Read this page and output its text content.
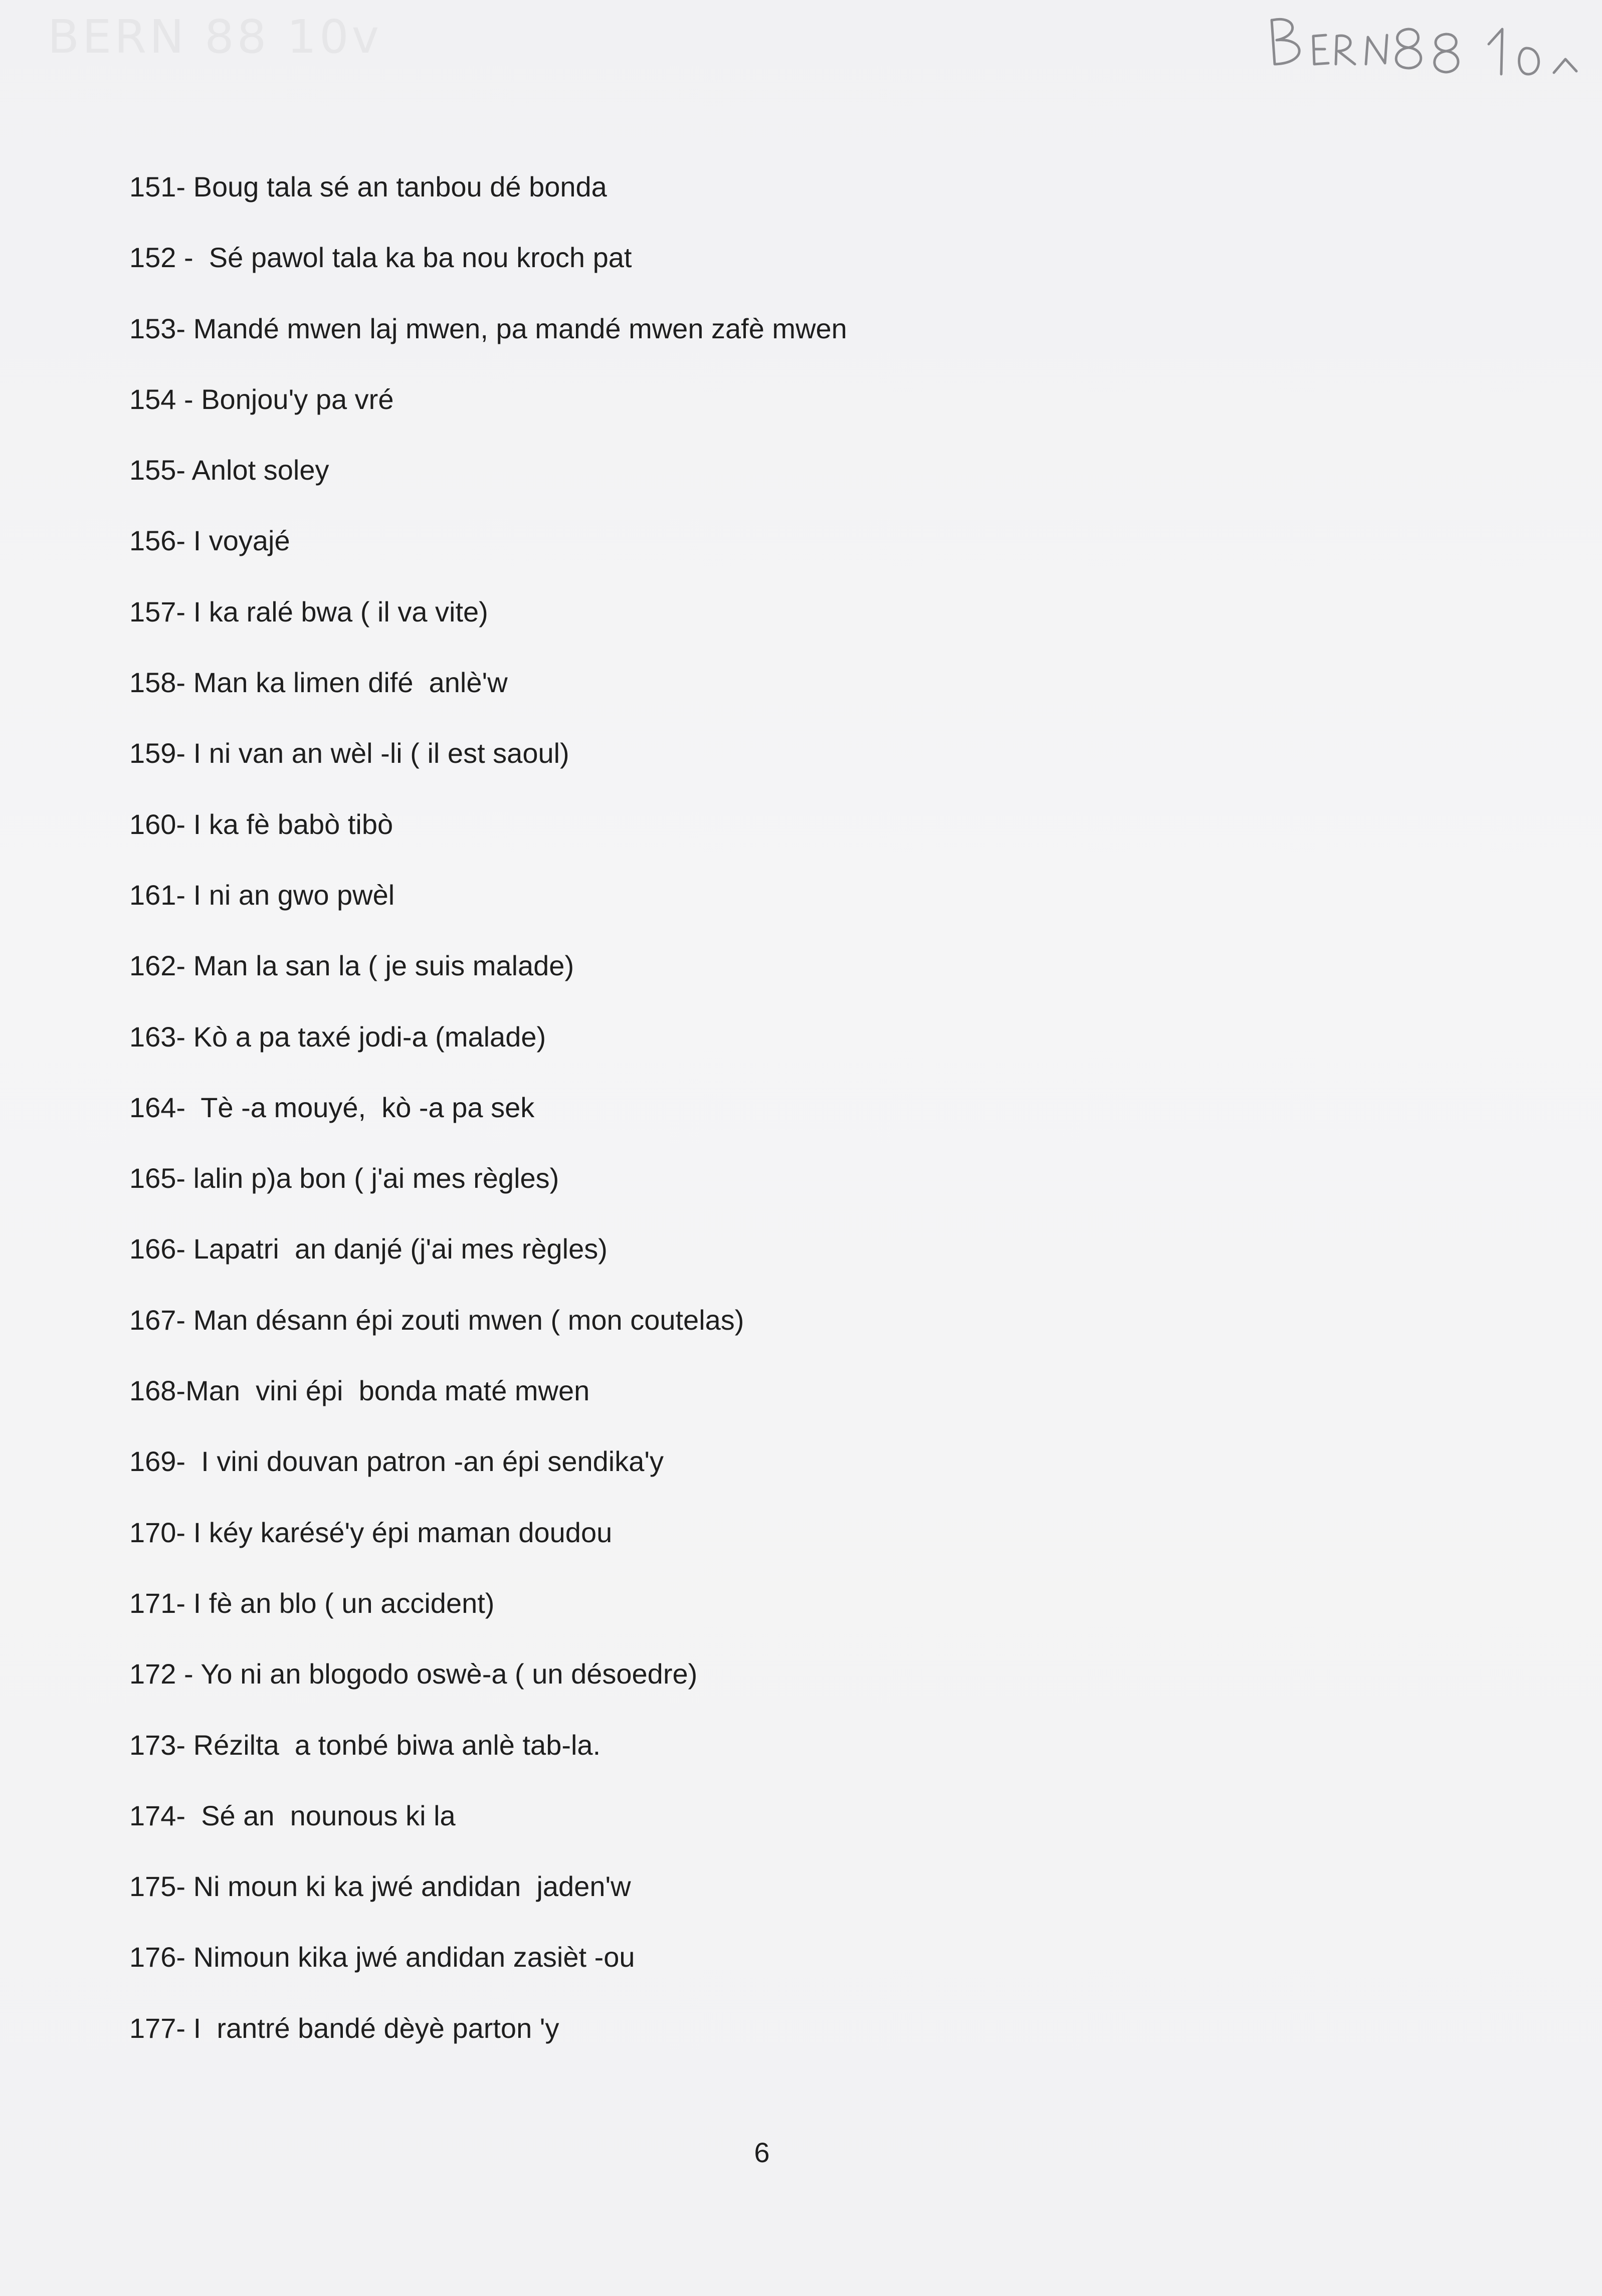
BERN 88 10v
151- Boug tala sé an tanbou dé bonda
152 -  Sé pawol tala ka ba nou kroch pat
153- Mandé mwen laj mwen, pa mandé mwen zafè mwen
154 - Bonjou'y pa vré
155- Anlot soley
156- I voyajé
157- I ka ralé bwa ( il va vite)
158- Man ka limen difé  anlè'w
159- I ni van an wèl -li ( il est saoul)
160- I ka fè babò tibò
161- I ni an gwo pwèl
162- Man la san la ( je suis malade)
163- Kò a pa taxé jodi-a (malade)
164-  Tè -a mouyé,  kò -a pa sek
165- lalin p)a bon ( j'ai mes règles)
166- Lapatri  an danjé (j'ai mes règles)
167- Man désann épi zouti mwen ( mon coutelas)
168-Man  vini épi  bonda maté mwen
169-  I vini douvan patron -an épi sendika'y
170- I kéy karésé'y épi maman doudou
171- I fè an blo ( un accident)
172 - Yo ni an blogodo oswè-a ( un désoedre)
173- Rézilta  a tonbé biwa anlè tab-la.
174-  Sé an  nounous ki la
175- Ni moun ki ka jwé andidan  jaden'w
176- Nimoun kika jwé andidan zasièt -ou
177- I  rantré bandé dèyè parton 'y
6
